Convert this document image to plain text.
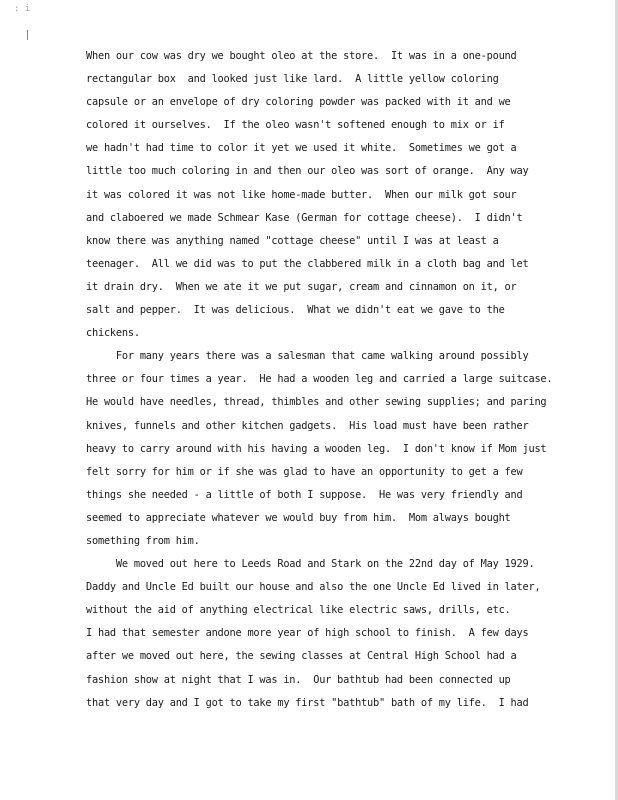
: i
When our cow was dry we bought oleo at the store.  It was in a one-pound
rectangular box  and looked just like lard.  A little yellow coloring
capsule or an envelope of dry coloring powder was packed with it and we
colored it ourselves.  If the oleo wasn't softened enough to mix or if
we hadn't had time to color it yet we used it white.  Sometimes we got a
little too much coloring in and then our oleo was sort of orange.  Any way
it was colored it was not like home-made butter.  When our milk got sour
and claboered we made Schmear Kase (German for cottage cheese).  I didn't
know there was anything named "cottage cheese" until I was at least a
teenager.  All we did was to put the clabbered milk in a cloth bag and let
it drain dry.  When we ate it we put sugar, cream and cinnamon on it, or
salt and pepper.  It was delicious.  What we didn't eat we gave to the
chickens.
For many years there was a salesman that came walking around possibly
three or four times a year.  He had a wooden leg and carried a large suitcase.
He would have needles, thread, thimbles and other sewing supplies; and paring
knives, funnels and other kitchen gadgets.  His load must have been rather
heavy to carry around with his having a wooden leg.  I don't know if Mom just
felt sorry for him or if she was glad to have an opportunity to get a few
things she needed - a little of both I suppose.  He was very friendly and
seemed to appreciate whatever we would buy from him.  Mom always bought
something from him.
We moved out here to Leeds Road and Stark on the 22nd day of May 1929.
Daddy and Uncle Ed built our house and also the one Uncle Ed lived in later,
without the aid of anything electrical like electric saws, drills, etc.
I had that semester andone more year of high school to finish.  A few days
after we moved out here, the sewing classes at Central High School had a
fashion show at night that I was in.  Our bathtub had been connected up
that very day and I got to take my first "bathtub" bath of my life.  I had
